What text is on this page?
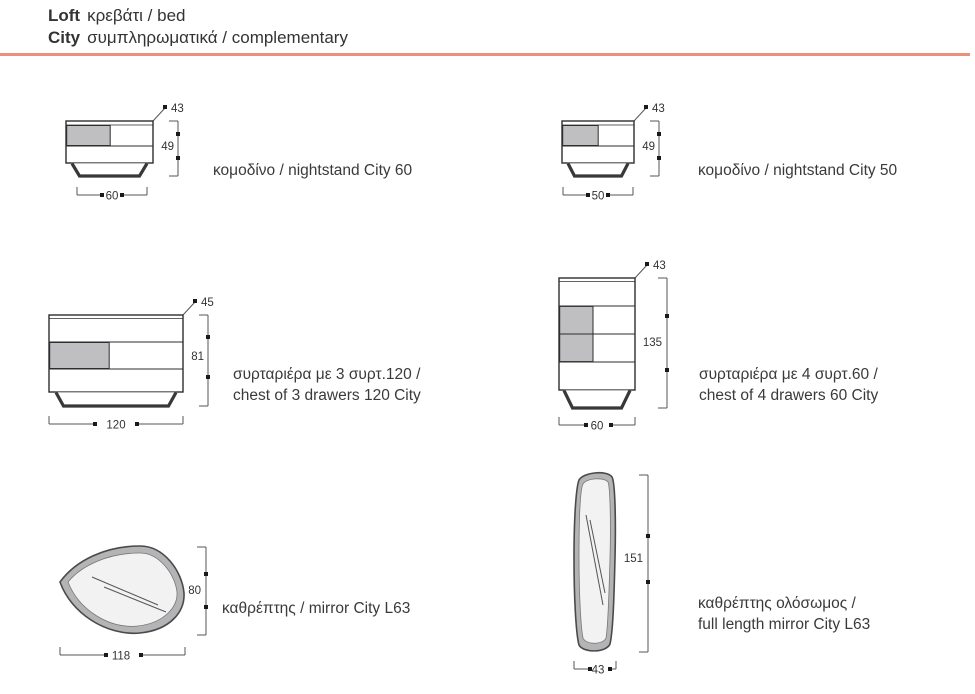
Loft κρεβάτι / bed
City συμπληρωματικά / complementary
43
49
60
κομοδίνο / nightstand City 60
43
49
50
κομοδίνο / nightstand City 50
45
81
120
συρταριέρα με 3 συρτ.120 /
chest of 3 drawers 120 City
43
135
60
συρταριέρα με 4 συρτ.60 /
chest of 4 drawers 60 City
80
118
καθρέπτης / mirror City L63
151
43
καθρέπτης ολόσωμος /
full length mirror City L63
